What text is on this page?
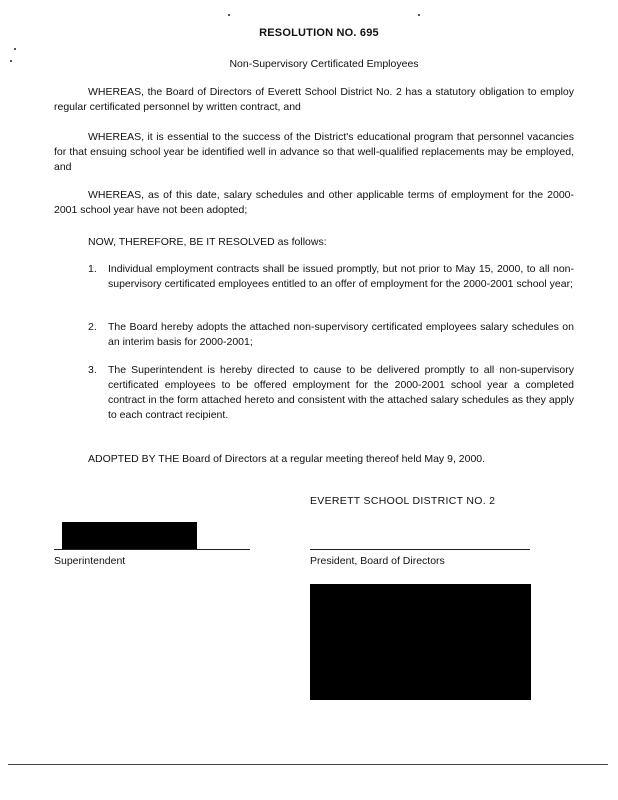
RESOLUTION NO. 695
Non-Supervisory Certificated Employees
WHEREAS, the Board of Directors of Everett School District No. 2 has a statutory obligation to employ regular certificated personnel by written contract, and
WHEREAS, it is essential to the success of the District's educational program that personnel vacancies for that ensuing school year be identified well in advance so that well-qualified replacements may be employed, and
WHEREAS, as of this date, salary schedules and other applicable terms of employment for the 2000-2001 school year have not been adopted;
NOW, THEREFORE, BE IT RESOLVED as follows:
1.	Individual employment contracts shall be issued promptly, but not prior to May 15, 2000, to all non-supervisory certificated employees entitled to an offer of employment for the 2000-2001 school year;
2.	The Board hereby adopts the attached non-supervisory certificated employees salary schedules on an interim basis for 2000-2001;
3.	The Superintendent is hereby directed to cause to be delivered promptly to all non-supervisory certificated employees to be offered employment for the 2000-2001 school year a completed contract in the form attached hereto and consistent with the attached salary schedules as they apply to each contract recipient.
ADOPTED BY THE Board of Directors at a regular meeting thereof held May 9, 2000.
EVERETT SCHOOL DISTRICT NO. 2
Superintendent	President, Board of Directors
